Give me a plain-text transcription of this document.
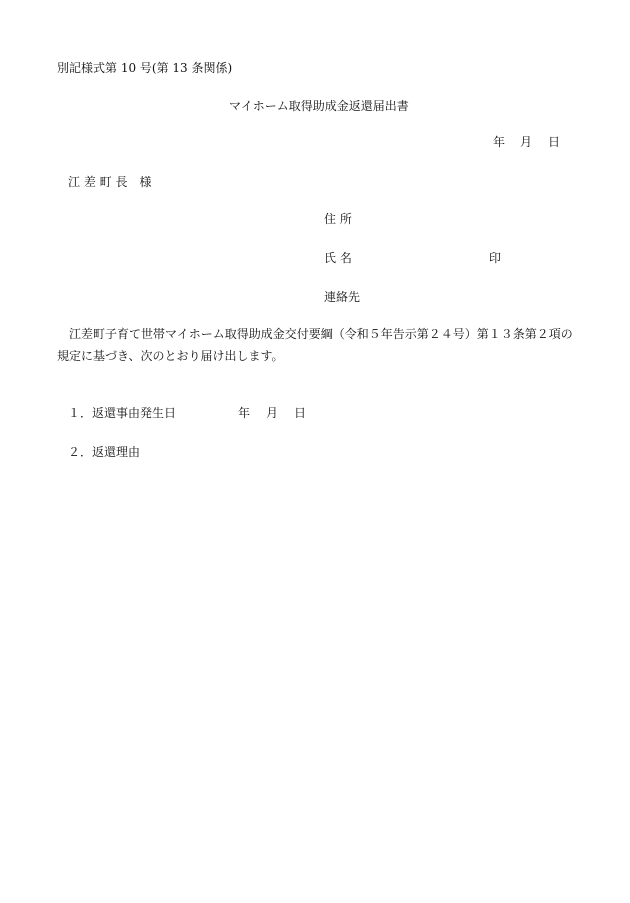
別記様式第 10 号(第 13 条関係)
マイホーム取得助成金返還届出書
年 月 日
江 差 町 長　様
住 所
氏 名	印
連絡先
江差町子育て世帯マイホーム取得助成金交付要綱（令和５年告示第２４号）第１３条第２項の規定に基づき、次のとおり届け出します。
１．返還事由発生日	年 月 日
２．返還理由
